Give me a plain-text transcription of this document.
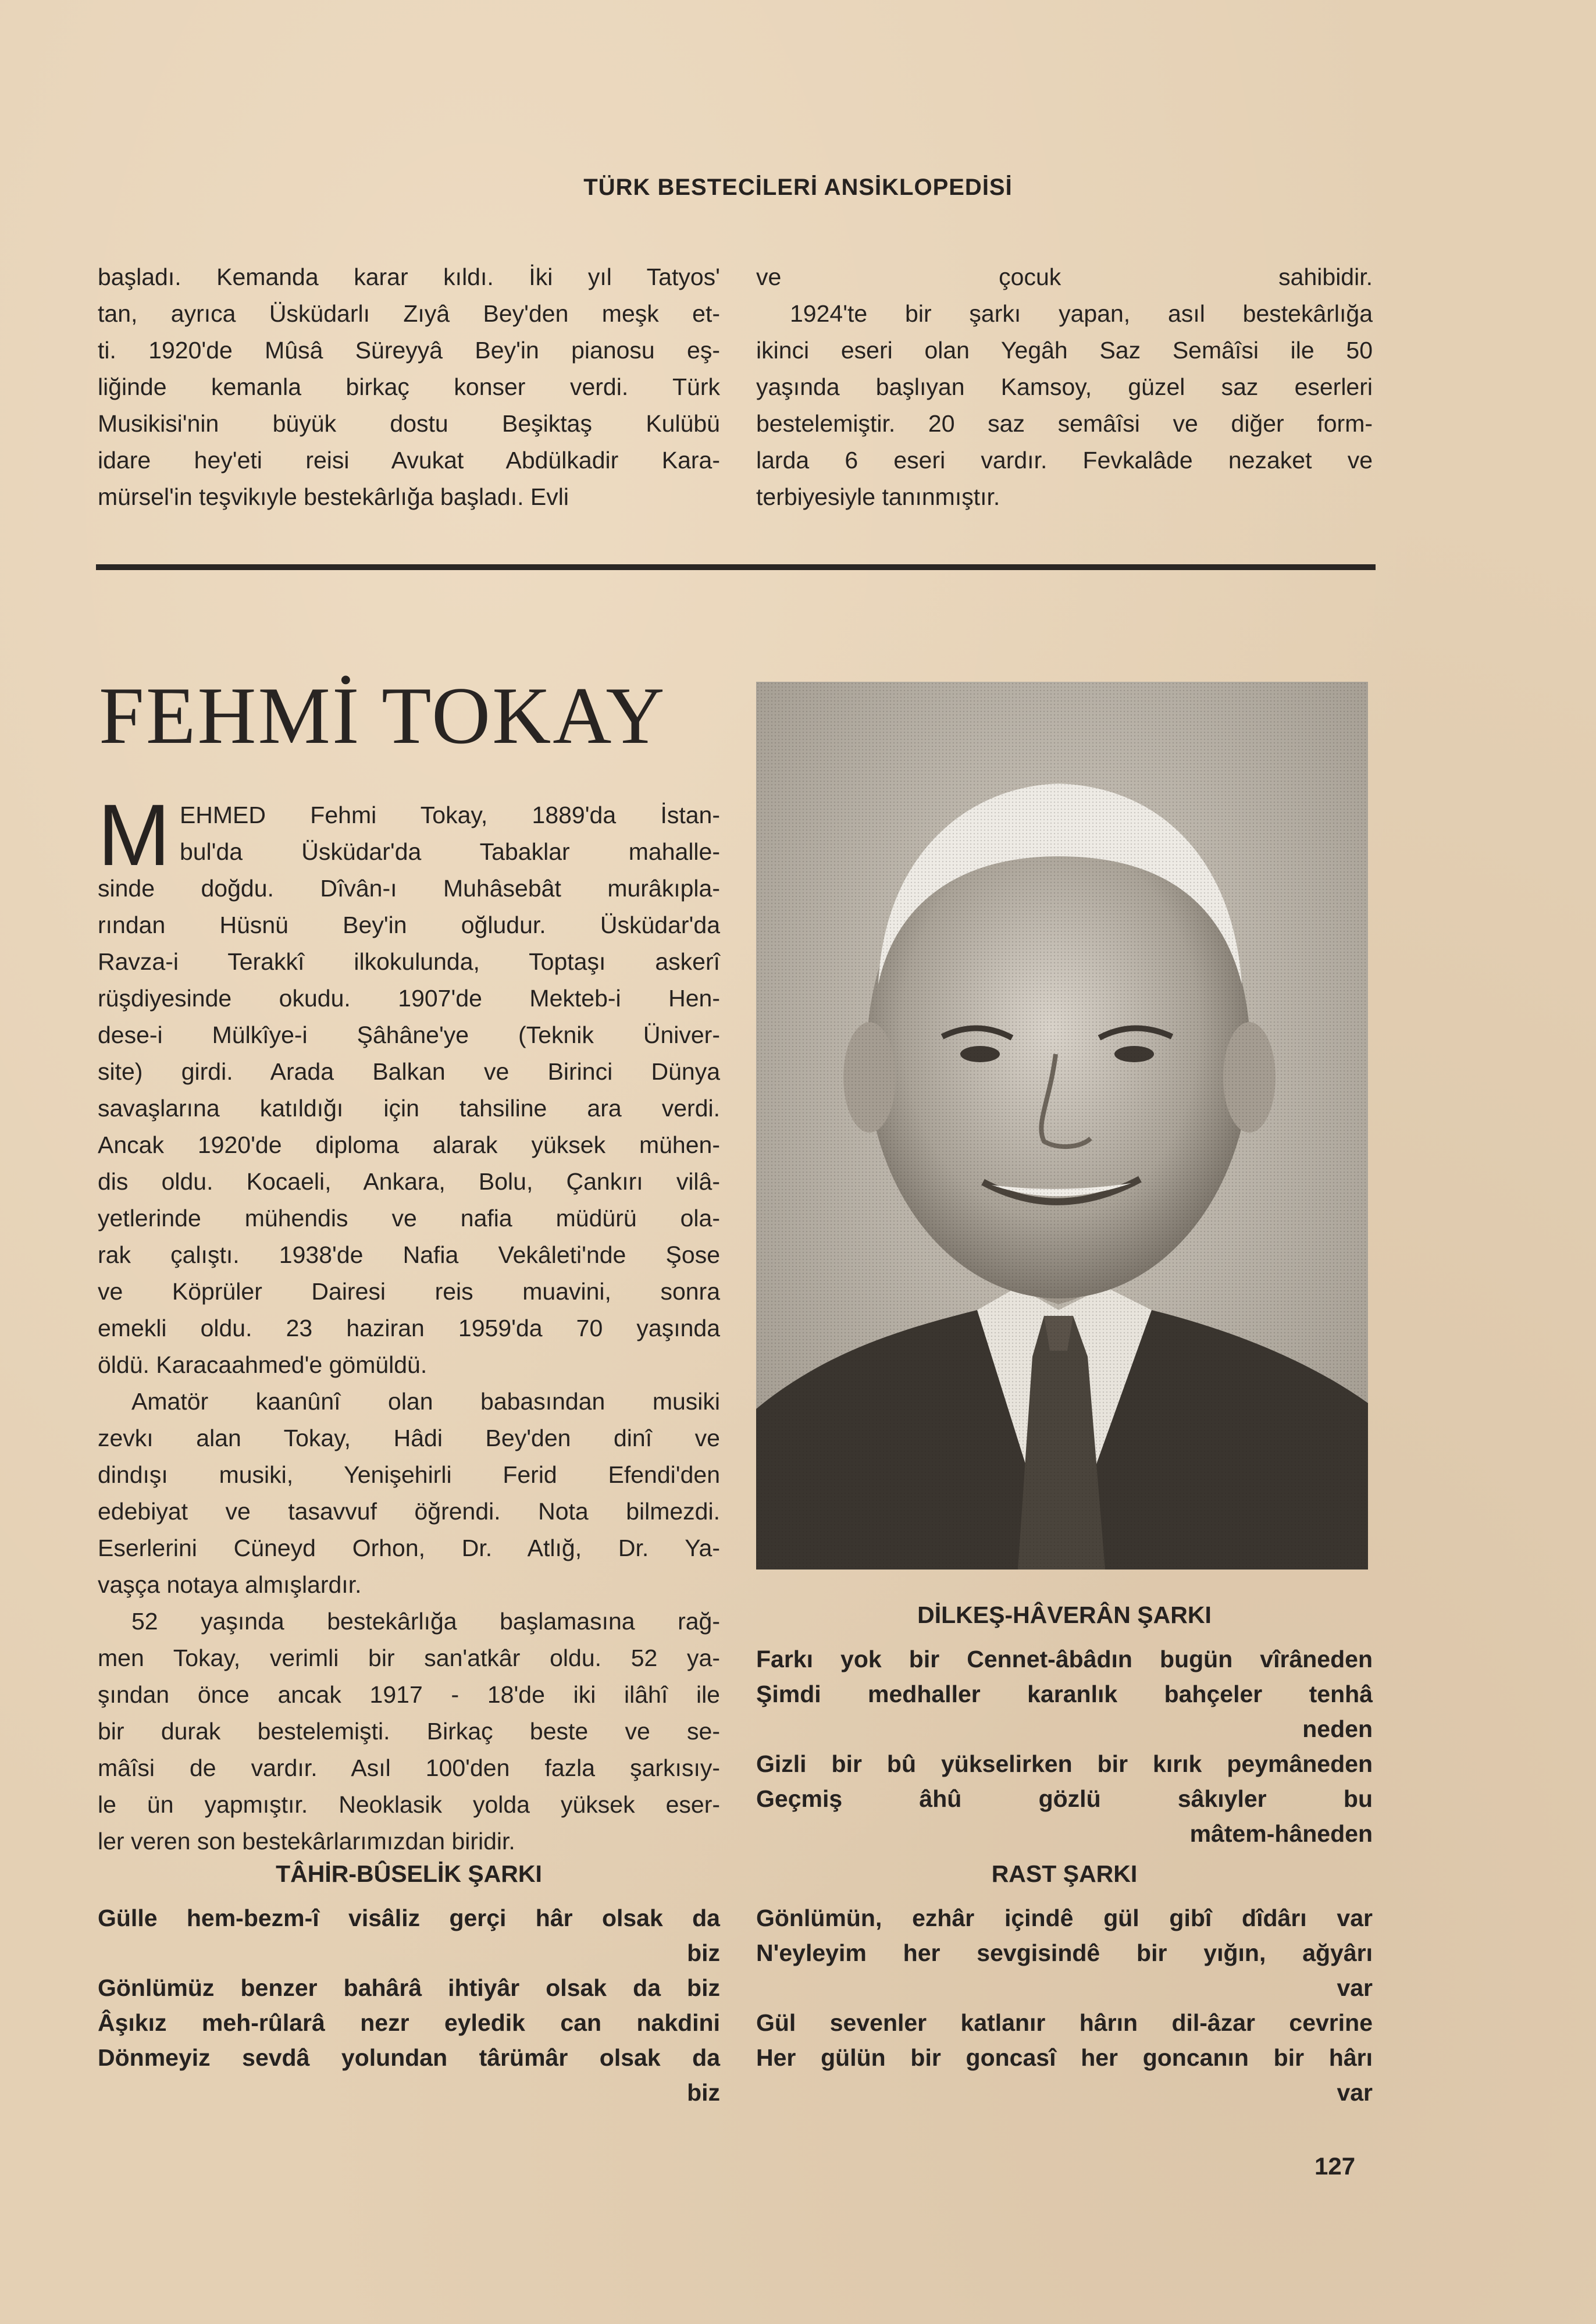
TÜRK BESTECİLERİ ANSİKLOPEDİSİ
başladı. Kemanda karar kıldı. İki yıl Tatyos'
tan, ayrıca Üsküdarlı Zıyâ Bey'den meşk et-
ti. 1920'de Mûsâ Süreyyâ Bey'in pianosu eş-
liğinde kemanla birkaç konser verdi. Türk
Musikisi'nin büyük dostu Beşiktaş Kulübü
idare hey'eti reisi Avukat Abdülkadir Kara-
mürsel'in teşvikıyle bestekârlığa başladı. Evli
ve çocuk sahibidir.
1924'te bir şarkı yapan, asıl bestekârlığa
ikinci eseri olan Yegâh Saz Semâîsi ile 50
yaşında başlıyan Kamsoy, güzel saz eserleri
bestelemiştir. 20 saz semâîsi ve diğer form-
larda 6 eseri vardır. Fevkalâde nezaket ve
terbiyesiyle tanınmıştır.
FEHMİ TOKAY
M EHMED Fehmi Tokay, 1889'da İstan-
bul'da Üsküdar'da Tabaklar mahalle-
sinde doğdu. Dîvân-ı Muhâsebât murâkıpla-
rından Hüsnü Bey'in oğludur. Üsküdar'da
Ravza-i Terakkî ilkokulunda, Toptaşı askerî
rüşdiyesinde okudu. 1907'de Mekteb-i Hen-
dese-i Mülkîye-i Şâhâne'ye (Teknik Üniver-
site) girdi. Arada Balkan ve Birinci Dünya
savaşlarına katıldığı için tahsiline ara verdi.
Ancak 1920'de diploma alarak yüksek mühen-
dis oldu. Kocaeli, Ankara, Bolu, Çankırı vilâ-
yetlerinde mühendis ve nafia müdürü ola-
rak çalıştı. 1938'de Nafia Vekâleti'nde Şose
ve Köprüler Dairesi reis muavini, sonra
emekli oldu. 23 haziran 1959'da 70 yaşında
öldü. Karacaahmed'e gömüldü.
Amatör kaanûnî olan babasından musiki
zevkı alan Tokay, Hâdi Bey'den dinî ve
dindışı musiki, Yenişehirli Ferid Efendi'den
edebiyat ve tasavvuf öğrendi. Nota bilmezdi.
Eserlerini Cüneyd Orhon, Dr. Atlığ, Dr. Ya-
vaşça notaya almışlardır.
52 yaşında bestekârlığa başlamasına rağ-
men Tokay, verimli bir san'atkâr oldu. 52 ya-
şından önce ancak 1917 - 18'de iki ilâhî ile
bir durak bestelemişti. Birkaç beste ve se-
mâîsi de vardır. Asıl 100'den fazla şarkısıy-
le ün yapmıştır. Neoklasik yolda yüksek eser-
ler veren son bestekârlarımızdan biridir.
TÂHİR-BÛSELİK ŞARKI
Gülle hem-bezm-î visâliz gerçi hâr olsak da
biz
Gönlümüz benzer bahârâ ihtiyâr olsak da biz
Âşıkız meh-rûlarâ nezr eyledik can nakdini
Dönmeyiz sevdâ yolundan târümâr olsak da
biz
DİLKEŞ-HÂVERÂN ŞARKI
Farkı yok bir Cennet-âbâdın bugün vîrâneden
Şimdi medhaller karanlık bahçeler tenhâ
neden
Gizli bir bû yükselirken bir kırık peymâneden
Geçmiş âhû gözlü sâkıyler bu
mâtem-hâneden
RAST ŞARKI
Gönlümün, ezhâr içindê gül gibî dîdârı var
N'eyleyim her sevgisindê bir yığın, ağyârı
var
Gül sevenler katlanır hârın dil-âzar cevrine
Her gülün bir goncasî her goncanın bir hârı
var
127
